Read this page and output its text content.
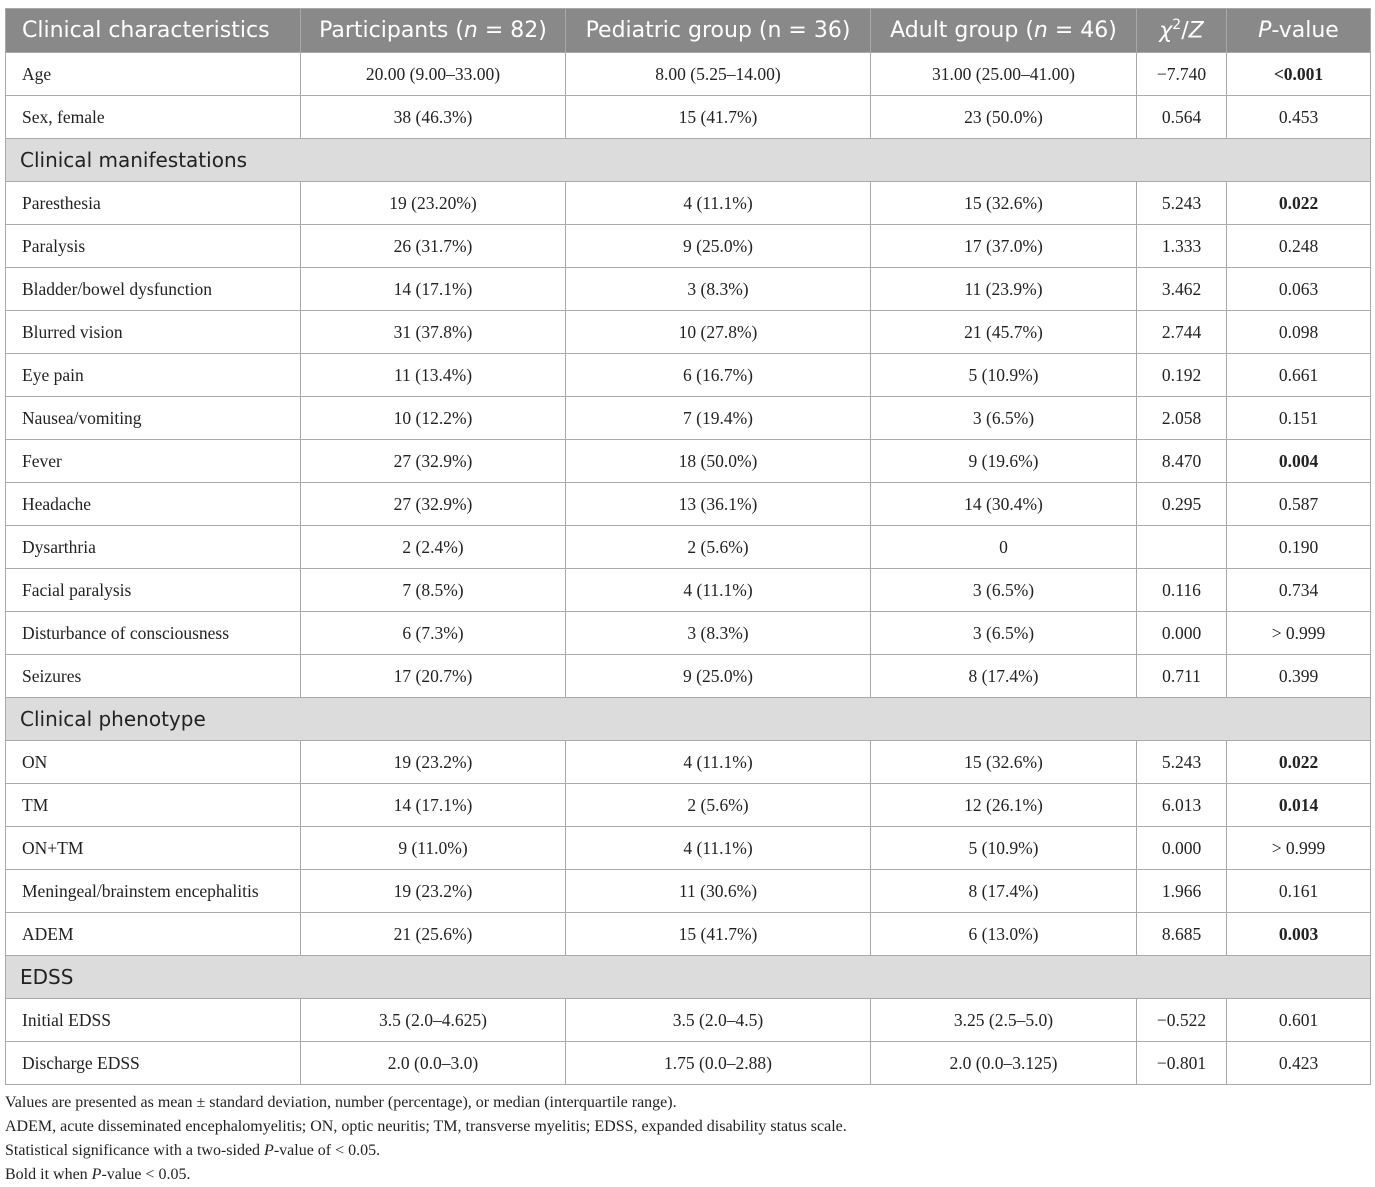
Clinical characteristics	Participants (n = 82)	Pediatric group (n = 36)	Adult group (n = 46)	$\chi^2/Z$	P-value
Age	20.00 (9.00–33.00)	8.00 (5.25–14.00)	31.00 (25.00–41.00)	−7.740	<0.001
Sex, female	38 (46.3%)	15 (41.7%)	23 (50.0%)	0.564	0.453
Clinical manifestations					
Paresthesia	19 (23.20%)	4 (11.1%)	15 (32.6%)	5.243	0.022
Paralysis	26 (31.7%)	9 (25.0%)	17 (37.0%)	1.333	0.248
Bladder/bowel dysfunction	14 (17.1%)	3 (8.3%)	11 (23.9%)	3.462	0.063
Blurred vision	31 (37.8%)	10 (27.8%)	21 (45.7%)	2.744	0.098
Eye pain	11 (13.4%)	6 (16.7%)	5 (10.9%)	0.192	0.661
Nausea/vomiting	10 (12.2%)	7 (19.4%)	3 (6.5%)	2.058	0.151
Fever	27 (32.9%)	18 (50.0%)	9 (19.6%)	8.470	0.004
Headache	27 (32.9%)	13 (36.1%)	14 (30.4%)	0.295	0.587
Dysarthria	2 (2.4%)	2 (5.6%)	0		0.190
Facial paralysis	7 (8.5%)	4 (11.1%)	3 (6.5%)	0.116	0.734
Disturbance of consciousness	6 (7.3%)	3 (8.3%)	3 (6.5%)	0.000	> 0.999
Seizures	17 (20.7%)	9 (25.0%)	8 (17.4%)	0.711	0.399
Clinical phenotype					
ON	19 (23.2%)	4 (11.1%)	15 (32.6%)	5.243	0.022
TM	14 (17.1%)	2 (5.6%)	12 (26.1%)	6.013	0.014
ON+TM	9 (11.0%)	4 (11.1%)	5 (10.9%)	0.000	> 0.999
Meningeal/brainstem encephalitis	19 (23.2%)	11 (30.6%)	8 (17.4%)	1.966	0.161
ADEM	21 (25.6%)	15 (41.7%)	6 (13.0%)	8.685	0.003
EDSS					
Initial EDSS	3.5 (2.0–4.625)	3.5 (2.0–4.5)	3.25 (2.5–5.0)	−0.522	0.601
Discharge EDSS	2.0 (0.0–3.0)	1.75 (0.0–2.88)	2.0 (0.0–3.125)	−0.801	0.423
Values are presented as mean ± standard deviation, number (percentage), or median (interquartile range).
ADEM, acute disseminated encephalomyelitis; ON, optic neuritis; TM, transverse myelitis; EDSS, expanded disability status scale.
Statistical significance with a two-sided P-value of < 0.05.
Bold it when P-value < 0.05.
